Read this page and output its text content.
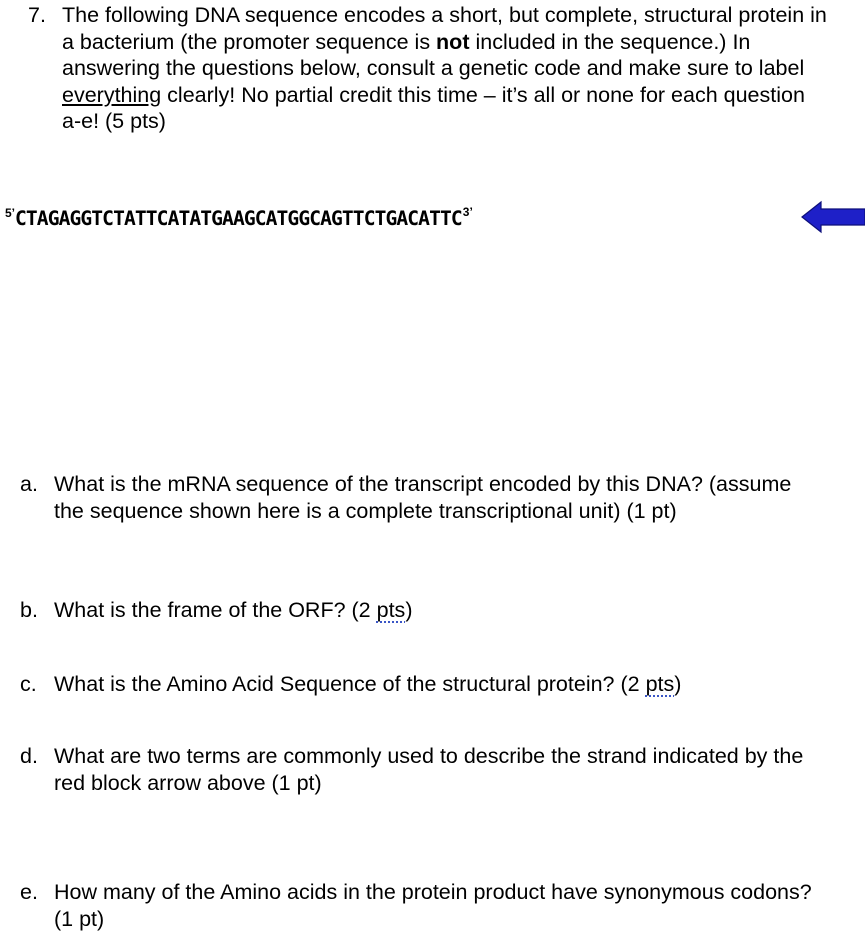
7. The following DNA sequence encodes a short, but complete, structural protein in a bacterium (the promoter sequence is not included in the sequence.) In answering the questions below, consult a genetic code and make sure to label everything clearly! No partial credit this time – it’s all or none for each question a-e! (5 pts)
$^{5’}CTAGAGGTCTATTCATATGAAGCATGGCAGTTCTGACATTC^{3’}$
a. What is the mRNA sequence of the transcript encoded by this DNA? (assume the sequence shown here is a complete transcriptional unit) (1 pt)
b. What is the frame of the ORF? (2 pts)
c. What is the Amino Acid Sequence of the structural protein? (2 pts)
d. What are two terms are commonly used to describe the strand indicated by the red block arrow above (1 pt)
e. How many of the Amino acids in the protein product have synonymous codons? (1 pt)
